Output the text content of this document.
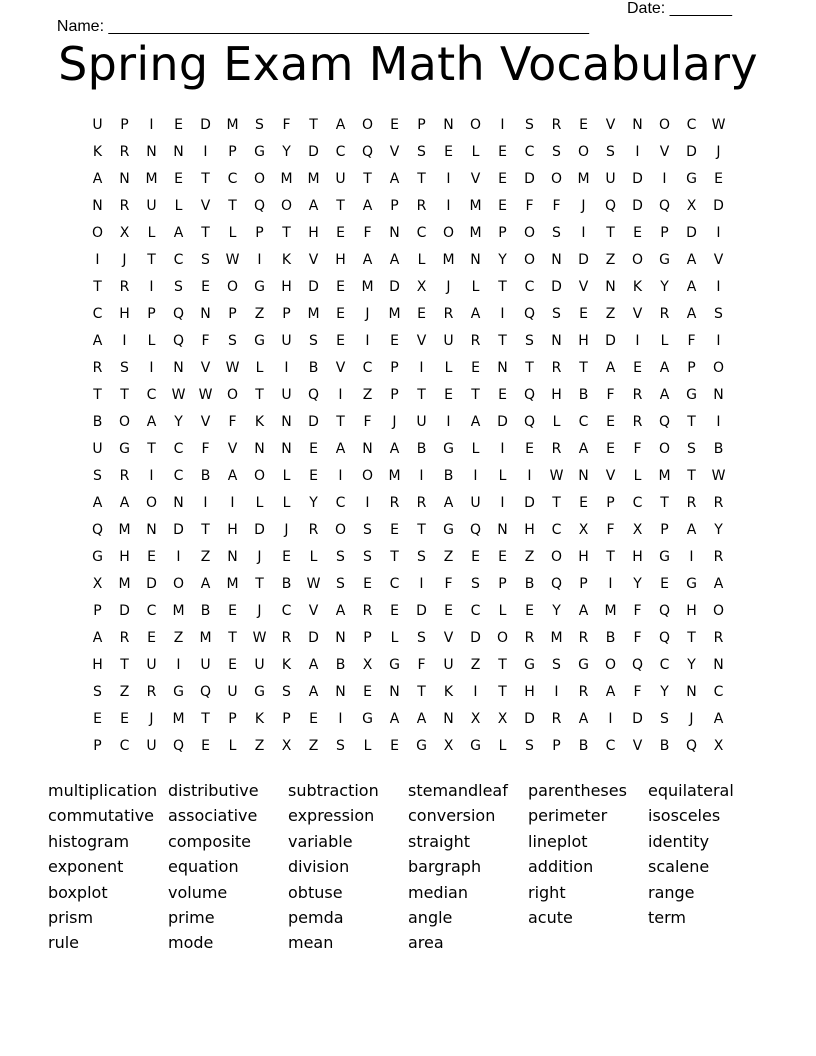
Name: ______________________________________________________

Date: _______

Spring Exam Math Vocabulary
U	P	I	E	D	M	S	F	T	A	O	E	P	N	O	I	S	R	E	V	N	O	C	W
K	R	N	N	I	P	G	Y	D	C	Q	V	S	E	L	E	C	S	O	S	I	V	D	J
A	N	M	E	T	C	O	M	M	U	T	A	T	I	V	E	D	O	M	U	D	I	G	E
N	R	U	L	V	T	Q	O	A	T	A	P	R	I	M	E	F	F	J	Q	D	Q	X	D
O	X	L	A	T	L	P	T	H	E	F	N	C	O	M	P	O	S	I	T	E	P	D	I
I	J	T	C	S	W	I	K	V	H	A	A	L	M	N	Y	O	N	D	Z	O	G	A	V
T	R	I	S	E	O	G	H	D	E	M	D	X	J	L	T	C	D	V	N	K	Y	A	I
C	H	P	Q	N	P	Z	P	M	E	J	M	E	R	A	I	Q	S	E	Z	V	R	A	S
A	I	L	Q	F	S	G	U	S	E	I	E	V	U	R	T	S	N	H	D	I	L	F	I
R	S	I	N	V	W	L	I	B	V	C	P	I	L	E	N	T	R	T	A	E	A	P	O
T	T	C	W W	O	T	U	Q	I	Z	P	T	E	T	E	Q	H	B	F	R	A	G	N
B	O	A	Y	V	F	K	N	D	T	F	J	U	I	A	D	Q	L	C	E	R	Q	T	I
U	G	T	C	F	V	N	N	E	A	N	A	B	G	L	I	E	R	A	E	F	O	S	B
S	R	I	C	B	A	O	L	E	I	O	M	I	B	I	L	I	W	N	V	L	M	T	W
A	A	O	N	I	I	L	L	Y	C	I	R	R	A	U	I	D	T	E	P	C	T	R	R
Q	M	N	D	T	H	D	J	R	O	S	E	T	G	Q	N	H	C	X	F	X	P	A	Y
G	H	E	I	Z	N	J	E	L	S	S	T	S	Z	E	E	Z	O	H	T	H	G	I	R
X	M	D	O	A	M	T	B	W	S	E	C	I	F	S	P	B	Q	P	I	Y	E	G	A
P	D	C	M	B	E	J	C	V	A	R	E	D	E	C	L	E	Y	A	M	F	Q	H	O
A	R	E	Z	M	T	W	R	D	N	P	L	S	V	D	O	R	M	R	B	F	Q	T	R
H	T	U	I	U	E	U	K	A	B	X	G	F	U	Z	T	G	S	G	O	Q	C	Y	N
S	Z	R	G	Q	U	G	S	A	N	E	N	T	K	I	T	H	I	R	A	F	Y	N	C
E	E	J	M	T	P	K	P	E	I	G	A	A	N	X	X	D	R	A	I	D	S	J	A
P	C	U	Q	E	L	Z	X	Z	S	L	E	G	X	G	L	S	P	B	C	V	B	Q	X
multiplication distributive	subtraction	stemandleaf	parentheses	equilateral
commutative associative	expression	conversion	perimeter	isosceles
histogram	composite	variable	straight	lineplot	identity
exponent	equation	division	bargraph	addition	scalene
boxplot	volume	obtuse	median	right	range
prism	prime	pemda	angle	acute	term
rule	mode	mean	area
